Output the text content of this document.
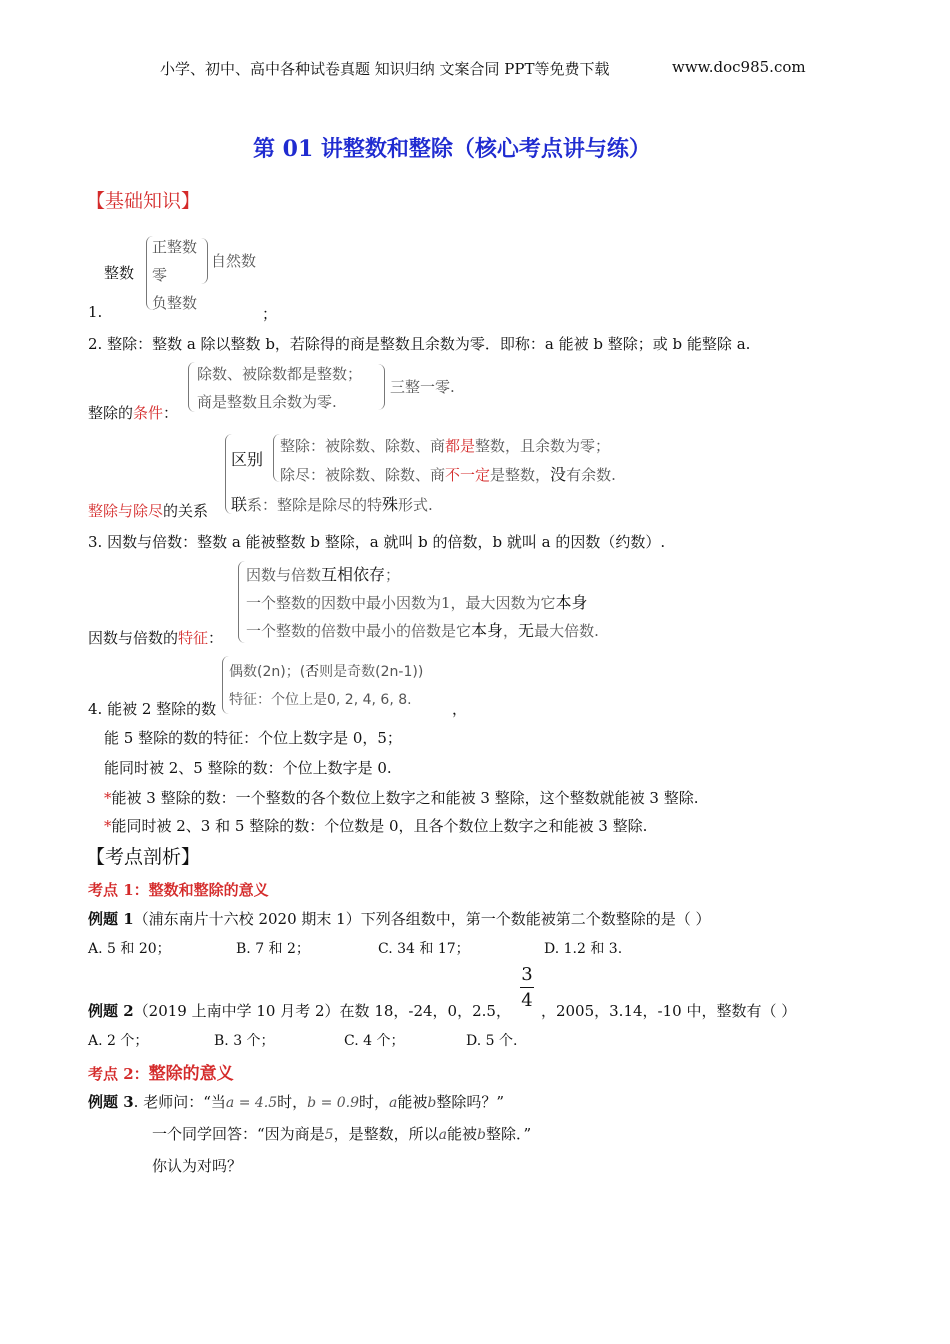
小学、初中、高中各种试卷真题 知识归纳 文案合同 PPT等免费下载	www.doc985.com
第 01 讲整数和整除（核心考点讲与练）
【基础知识】
整数
正整数
零
负整数
自然数
1.	；
2. 整除：整数 a 除以整数 b，若除得的商是整数且余数为零．即称：a 能被 b 整除；或 b 能整除 a.
除数、被除数都是整数；
商是整数且余数为零.
三整一零.
整除的条件：
区别
整除：被除数、除数、商都是整数，且余数为零；
除尽：被除数、除数、商不一定是整数，没有余数.
联系：整除是除尽的特殊形式.
整除与除尽的关系
3. 因数与倍数：整数 a 能被整数 b 整除，a 就叫 b 的倍数，b 就叫 a 的因数（约数）.
因数与倍数互相依存；
一个整数的因数中最小因数为1，最大因数为它本身
一个整数的倍数中最小的倍数是它本身，无最大倍数.
因数与倍数的特征：
偶数(2n)；(否则是奇数(2n-1))
特征：个位上是0, 2, 4, 6, 8.
4. 能被 2 整除的数	，
能 5 整除的数的特征：个位上数字是 0，5；
能同时被 2、5 整除的数：个位上数字是 0.
*能被 3 整除的数：一个整数的各个数位上数字之和能被 3 整除，这个整数就能被 3 整除.
*能同时被 2、3 和 5 整除的数：个位数是 0，且各个数位上数字之和能被 3 整除.
【考点剖析】
考点 1：整数和整除的意义
例题 1（浦东南片十六校 2020 期末 1）下列各组数中，第一个数能被第二个数整除的是（ ）
A. 5 和 20；	B. 7 和 2；	C. 34 和 17；	D. 1.2 和 3.
3
4
例题 2（2019 上南中学 10 月考 2）在数 18，-24，0，2.5， ，2005，3.14，-10 中，整数有（ ）
A. 2 个；	B. 3 个；	C. 4 个；	D. 5 个.
考点 2：整除的意义
例题 3. 老师问：“当a = 4.5时，b = 0.9时，a能被b整除吗？”
一个同学回答：“因为商是5，是整数，所以a能被b整除．”
你认为对吗？
